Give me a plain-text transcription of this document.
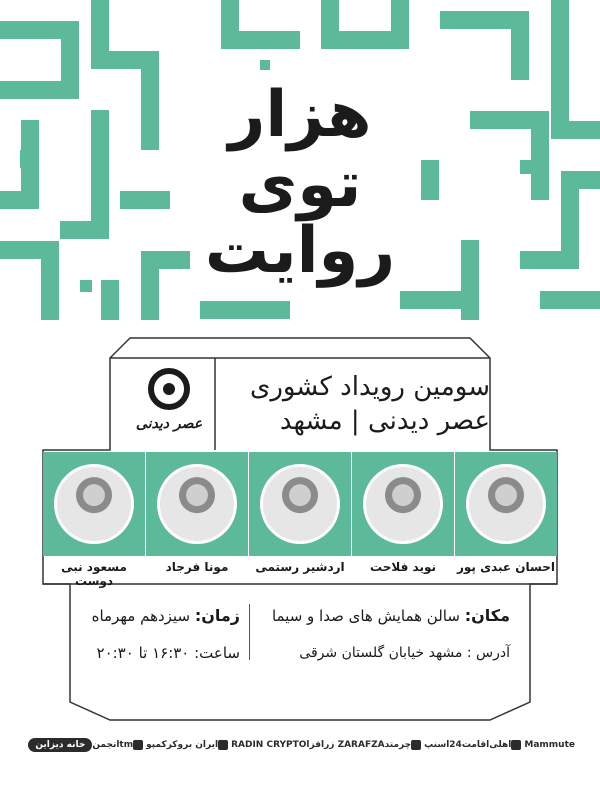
هزار
توی
روایت
عصر دیدنی
سومین رویداد کشوری
عصر دیدنی | مشهد
احسان عبدی پور
نوید فلاحت
اردشیر رستمی
مونا فرجاد
مسعود نبی دوست
مکان: سالن همایش های صدا و سیما
آدرس : مشهد خیابان گلستان شرقی
زمان: سیزدهم مهرماه
ساعت: ۱۶:۳۰ تا ۲۰:۳۰
Mammute
اهلی
اقامت24
اسنپ
چرمتد
زرافزا ZARAFZA
RADIN CRYPTO
ایران بروکر
کمپو
tm
انجمن
خانه دیزاین
